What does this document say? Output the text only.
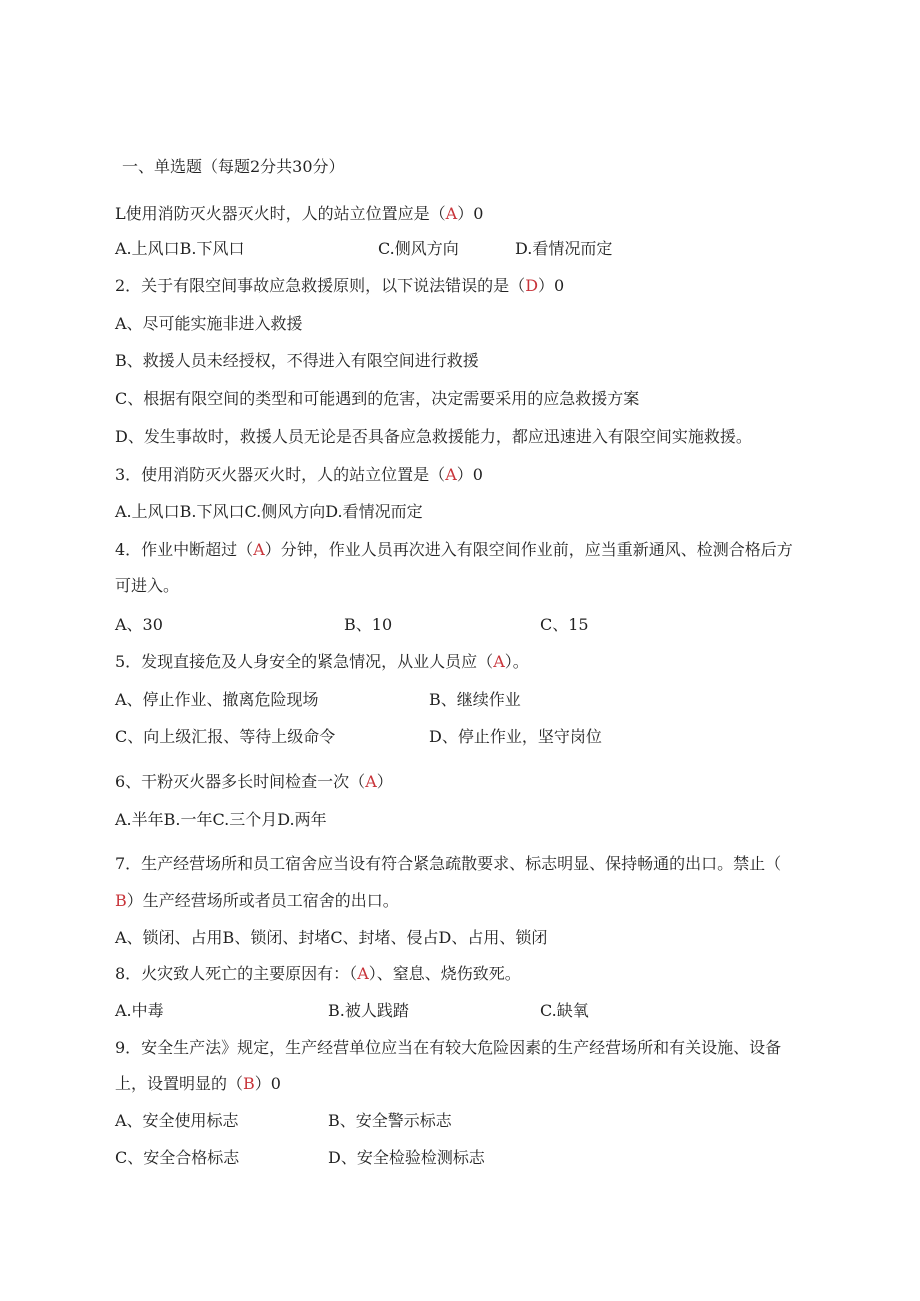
一、单选题（每题2分共30分）
L使用消防灭火器灭火时，人的站立位置应是（A）0
A.上风口B.下风口	C.侧风方向	D.看情况而定
2．关于有限空间事故应急救援原则，以下说法错误的是（D）0
A、尽可能实施非进入救援
B、救援人员未经授权，不得进入有限空间进行救援
C、根据有限空间的类型和可能遇到的危害，决定需要采用的应急救援方案
D、发生事故时，救援人员无论是否具备应急救援能力，都应迅速进入有限空间实施救援。
3．使用消防灭火器灭火时，人的站立位置是（A）0
A.上风口B.下风口C.侧风方向D.看情况而定
4．作业中断超过（A）分钟，作业人员再次进入有限空间作业前，应当重新通风、检测合格后方
可进入。
A、30	B、10	C、15
5．发现直接危及人身安全的紧急情况，从业人员应（A）。
A、停止作业、撤离危险现场	B、继续作业
C、向上级汇报、等待上级命令	D、停止作业，坚守岗位
6、干粉灭火器多长时间检查一次（A）
A.半年B.一年C.三个月D.两年
7．生产经营场所和员工宿舍应当设有符合紧急疏散要求、标志明显、保持畅通的出口。禁止（
B）生产经营场所或者员工宿舍的出口。
A、锁闭、占用B、锁闭、封堵C、封堵、侵占D、占用、锁闭
8．火灾致人死亡的主要原因有：（A）、窒息、烧伤致死。
A.中毒	B.被人践踏	C.缺氧
9．安全生产法》规定，生产经营单位应当在有较大危险因素的生产经营场所和有关设施、设备
上，设置明显的（B）0
A、安全使用标志	B、安全警示标志
C、安全合格标志	D、安全检验检测标志
